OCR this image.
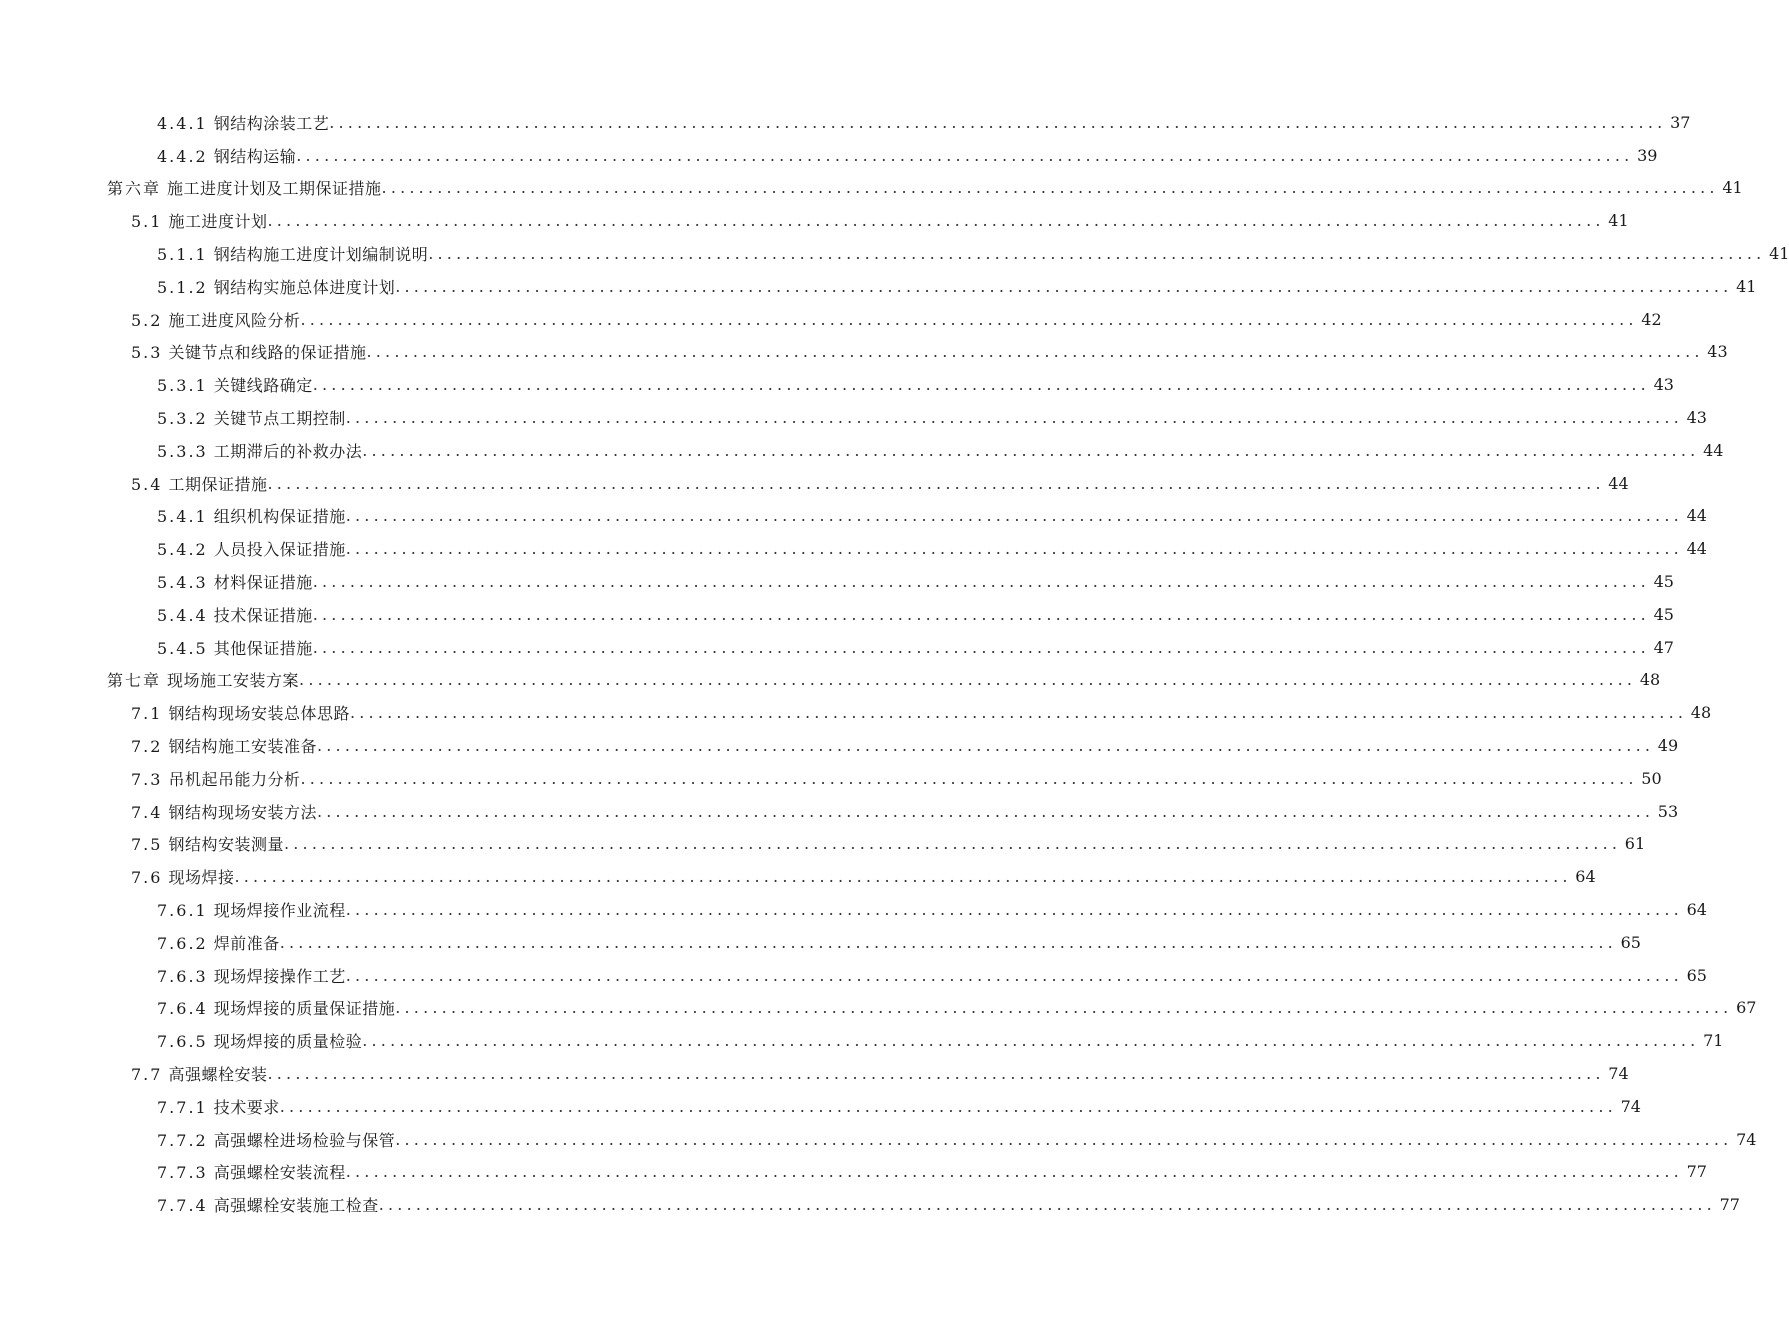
4.4.1 钢结构涂装工艺 ................................................................................................................................................ 37
4.4.2 钢结构运输 ................................................................................................................................................ 39
第六章 施工进度计划及工期保证措施 ................................................................................................................................................ 41
5.1 施工进度计划 ................................................................................................................................................ 41
5.1.1 钢结构施工进度计划编制说明 ................................................................................................................................................ 41
5.1.2 钢结构实施总体进度计划 ................................................................................................................................................ 41
5.2 施工进度风险分析 ................................................................................................................................................ 42
5.3 关键节点和线路的保证措施 ................................................................................................................................................ 43
5.3.1 关键线路确定 ................................................................................................................................................ 43
5.3.2 关键节点工期控制 ................................................................................................................................................ 43
5.3.3 工期滞后的补救办法 ................................................................................................................................................ 44
5.4 工期保证措施 ................................................................................................................................................ 44
5.4.1 组织机构保证措施 ................................................................................................................................................ 44
5.4.2 人员投入保证措施 ................................................................................................................................................ 44
5.4.3 材料保证措施 ................................................................................................................................................ 45
5.4.4 技术保证措施 ................................................................................................................................................ 45
5.4.5 其他保证措施 ................................................................................................................................................ 47
第七章 现场施工安装方案 ................................................................................................................................................ 48
7.1 钢结构现场安装总体思路 ................................................................................................................................................ 48
7.2 钢结构施工安装准备 ................................................................................................................................................ 49
7.3 吊机起吊能力分析 ................................................................................................................................................ 50
7.4 钢结构现场安装方法 ................................................................................................................................................ 53
7.5 钢结构安装测量 ................................................................................................................................................ 61
7.6 现场焊接 ................................................................................................................................................ 64
7.6.1 现场焊接作业流程 ................................................................................................................................................ 64
7.6.2 焊前准备 ................................................................................................................................................ 65
7.6.3 现场焊接操作工艺 ................................................................................................................................................ 65
7.6.4 现场焊接的质量保证措施 ................................................................................................................................................ 67
7.6.5 现场焊接的质量检验 ................................................................................................................................................ 71
7.7 高强螺栓安装 ................................................................................................................................................ 74
7.7.1 技术要求 ................................................................................................................................................ 74
7.7.2 高强螺栓进场检验与保管 ................................................................................................................................................ 74
7.7.3 高强螺栓安装流程 ................................................................................................................................................ 77
7.7.4 高强螺栓安装施工检查 ................................................................................................................................................ 77
